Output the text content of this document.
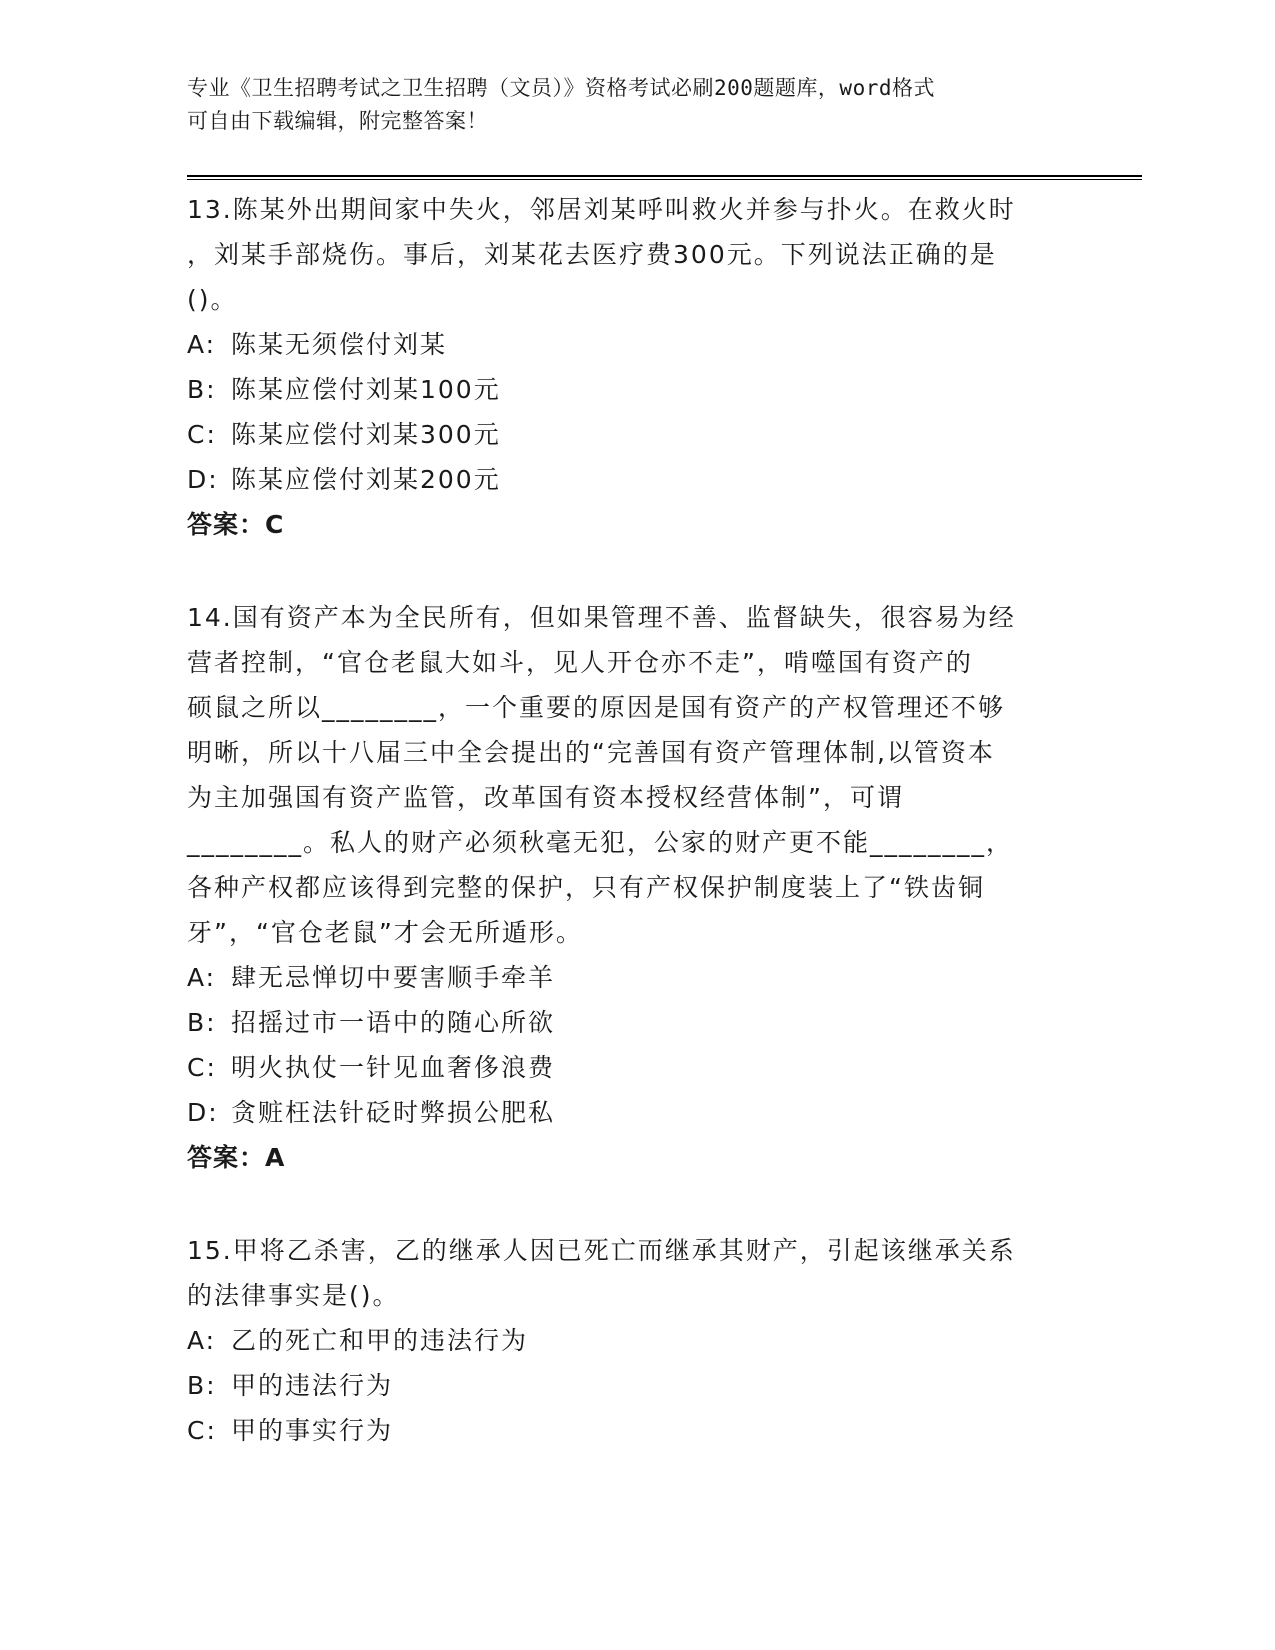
专业《卫生招聘考试之卫生招聘（文员）》资格考试必刷200题题库，word格式
可自由下载编辑，附完整答案！
13.陈某外出期间家中失火，邻居刘某呼叫救火并参与扑火。在救火时
，刘某手部烧伤。事后，刘某花去医疗费300元。下列说法正确的是
()。
A: 陈某无须偿付刘某
B: 陈某应偿付刘某100元
C: 陈某应偿付刘某300元
D: 陈某应偿付刘某200元
答案：C
14.国有资产本为全民所有，但如果管理不善、监督缺失，很容易为经
营者控制，“官仓老鼠大如斗，见人开仓亦不走”，啃噬国有资产的
硕鼠之所以________，一个重要的原因是国有资产的产权管理还不够
明晰，所以十八届三中全会提出的“完善国有资产管理体制,以管资本
为主加强国有资产监管，改革国有资本授权经营体制”，可谓
________。私人的财产必须秋毫无犯，公家的财产更不能________，
各种产权都应该得到完整的保护，只有产权保护制度装上了“铁齿铜
牙”，“官仓老鼠”才会无所遁形。
A: 肆无忌惮切中要害顺手牵羊
B: 招摇过市一语中的随心所欲
C: 明火执仗一针见血奢侈浪费
D: 贪赃枉法针砭时弊损公肥私
答案：A
15.甲将乙杀害，乙的继承人因已死亡而继承其财产，引起该继承关系
的法律事实是()。
A: 乙的死亡和甲的违法行为
B: 甲的违法行为
C: 甲的事实行为
